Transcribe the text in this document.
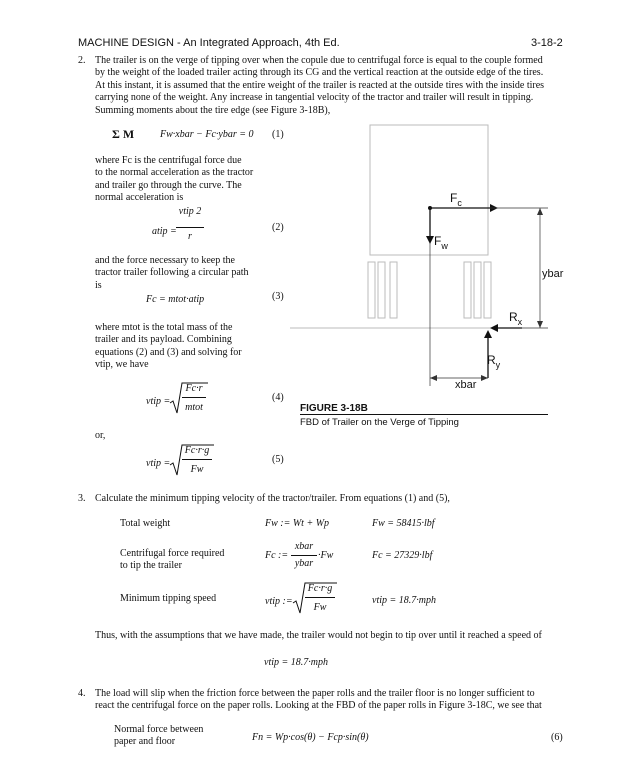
MACHINE DESIGN - An Integrated Approach, 4th Ed.	3-18-2
2. The trailer is on the verge of tipping over when the copule due to centrifugal force is equal to the couple formed
by the weight of the loaded trailer acting through its CG and the vertical reaction at the outside edge of the tires.
At this instant, it is assumed that the entire weight of the trailer is reacted at the outside tires with the inside tires
carrying none of the weight. Any increase in tangential velocity of the tractor and trailer will result in tipping.
Summing moments about the tire edge (see Figure 3-18B),
Σ M	Fw·xbar − Fc·ybar = 0 (1)
where Fc is the centrifugal force due
to the normal acceleration as the tractor
and trailer go through the curve. The
normal acceleration is
atip =
vtip 2
r
(2)
and the force necessary to keep the
tractor trailer following a circular path
is
Fc = mtot·atip	(3)
where mtot is the total mass of the
trailer and its payload. Combining
equations (2) and (3) and solving for
vtip, we have
vtip =
Fc·r
mtot
(4)
or,
vtip =
Fc·r·g
Fw
(5)
$F_c$
$F_w$
ybar
$R_x$
$R_y$
xbar
FIGURE 3-18B
FBD of Trailer on the Verge of Tipping
3. Calculate the minimum tipping velocity of the tractor/trailer. From equations (1) and (5),
Total weight	Fw := Wt + Wp	Fw = 58415·lbf
Centrifugal force required
to tip the trailer
Fc :=
xbar
ybar
·Fw	Fc = 27329·lbf
Minimum tipping speed	vtip :=
Fc·r·g
Fw
vtip = 18.7·mph
Thus, with the assumptions that we have made, the trailer would not begin to tip over until it reached a speed of
vtip = 18.7·mph
4. The load will slip when the friction force between the paper rolls and the trailer floor is no longer sufficient to
react the centrifugal force on the paper rolls. Looking at the FBD of the paper rolls in Figure 3-18C, we see that
Normal force between
paper and floor	Fn = Wp·cos(θ) − Fcp·sin(θ)	(6)
